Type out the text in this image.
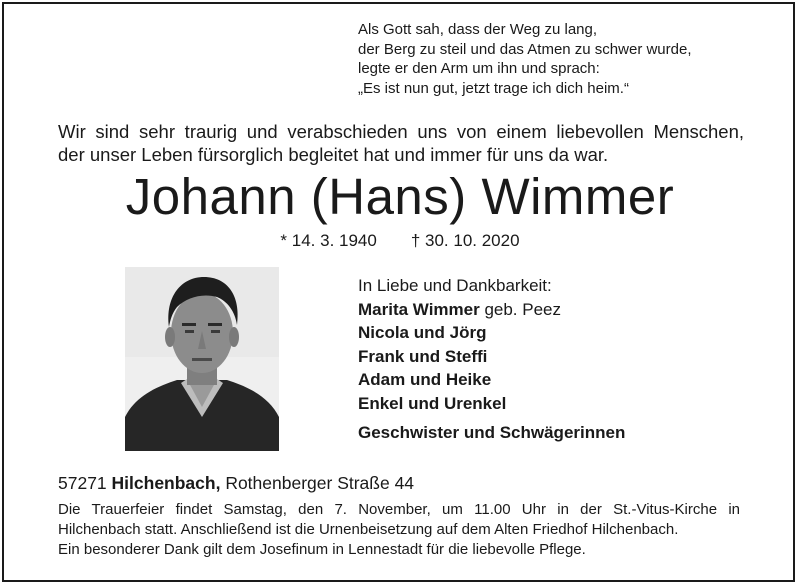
Als Gott sah, dass der Weg zu lang,
der Berg zu steil und das Atmen zu schwer wurde,
legte er den Arm um ihn und sprach:
„Es ist nun gut, jetzt trage ich dich heim.“
Wir sind sehr traurig und verabschieden uns von einem liebevollen Menschen,
der unser Leben fürsorglich begleitet hat und immer für uns da war.
Johann (Hans) Wimmer
* 14. 3. 1940 † 30. 10. 2020
In Liebe und Dankbarkeit:
Marita Wimmer geb. Peez
Nicola und Jörg
Frank und Steffi
Adam und Heike
Enkel und Urenkel
Geschwister und Schwägerinnen
57271 Hilchenbach, Rothenberger Straße 44
Die Trauerfeier findet Samstag, den 7. November, um 11.00 Uhr in der St.-Vitus-Kirche in
Hilchenbach statt. Anschließend ist die Urnenbeisetzung auf dem Alten Friedhof Hilchenbach.
Ein besonderer Dank gilt dem Josefinum in Lennestadt für die liebevolle Pflege.
